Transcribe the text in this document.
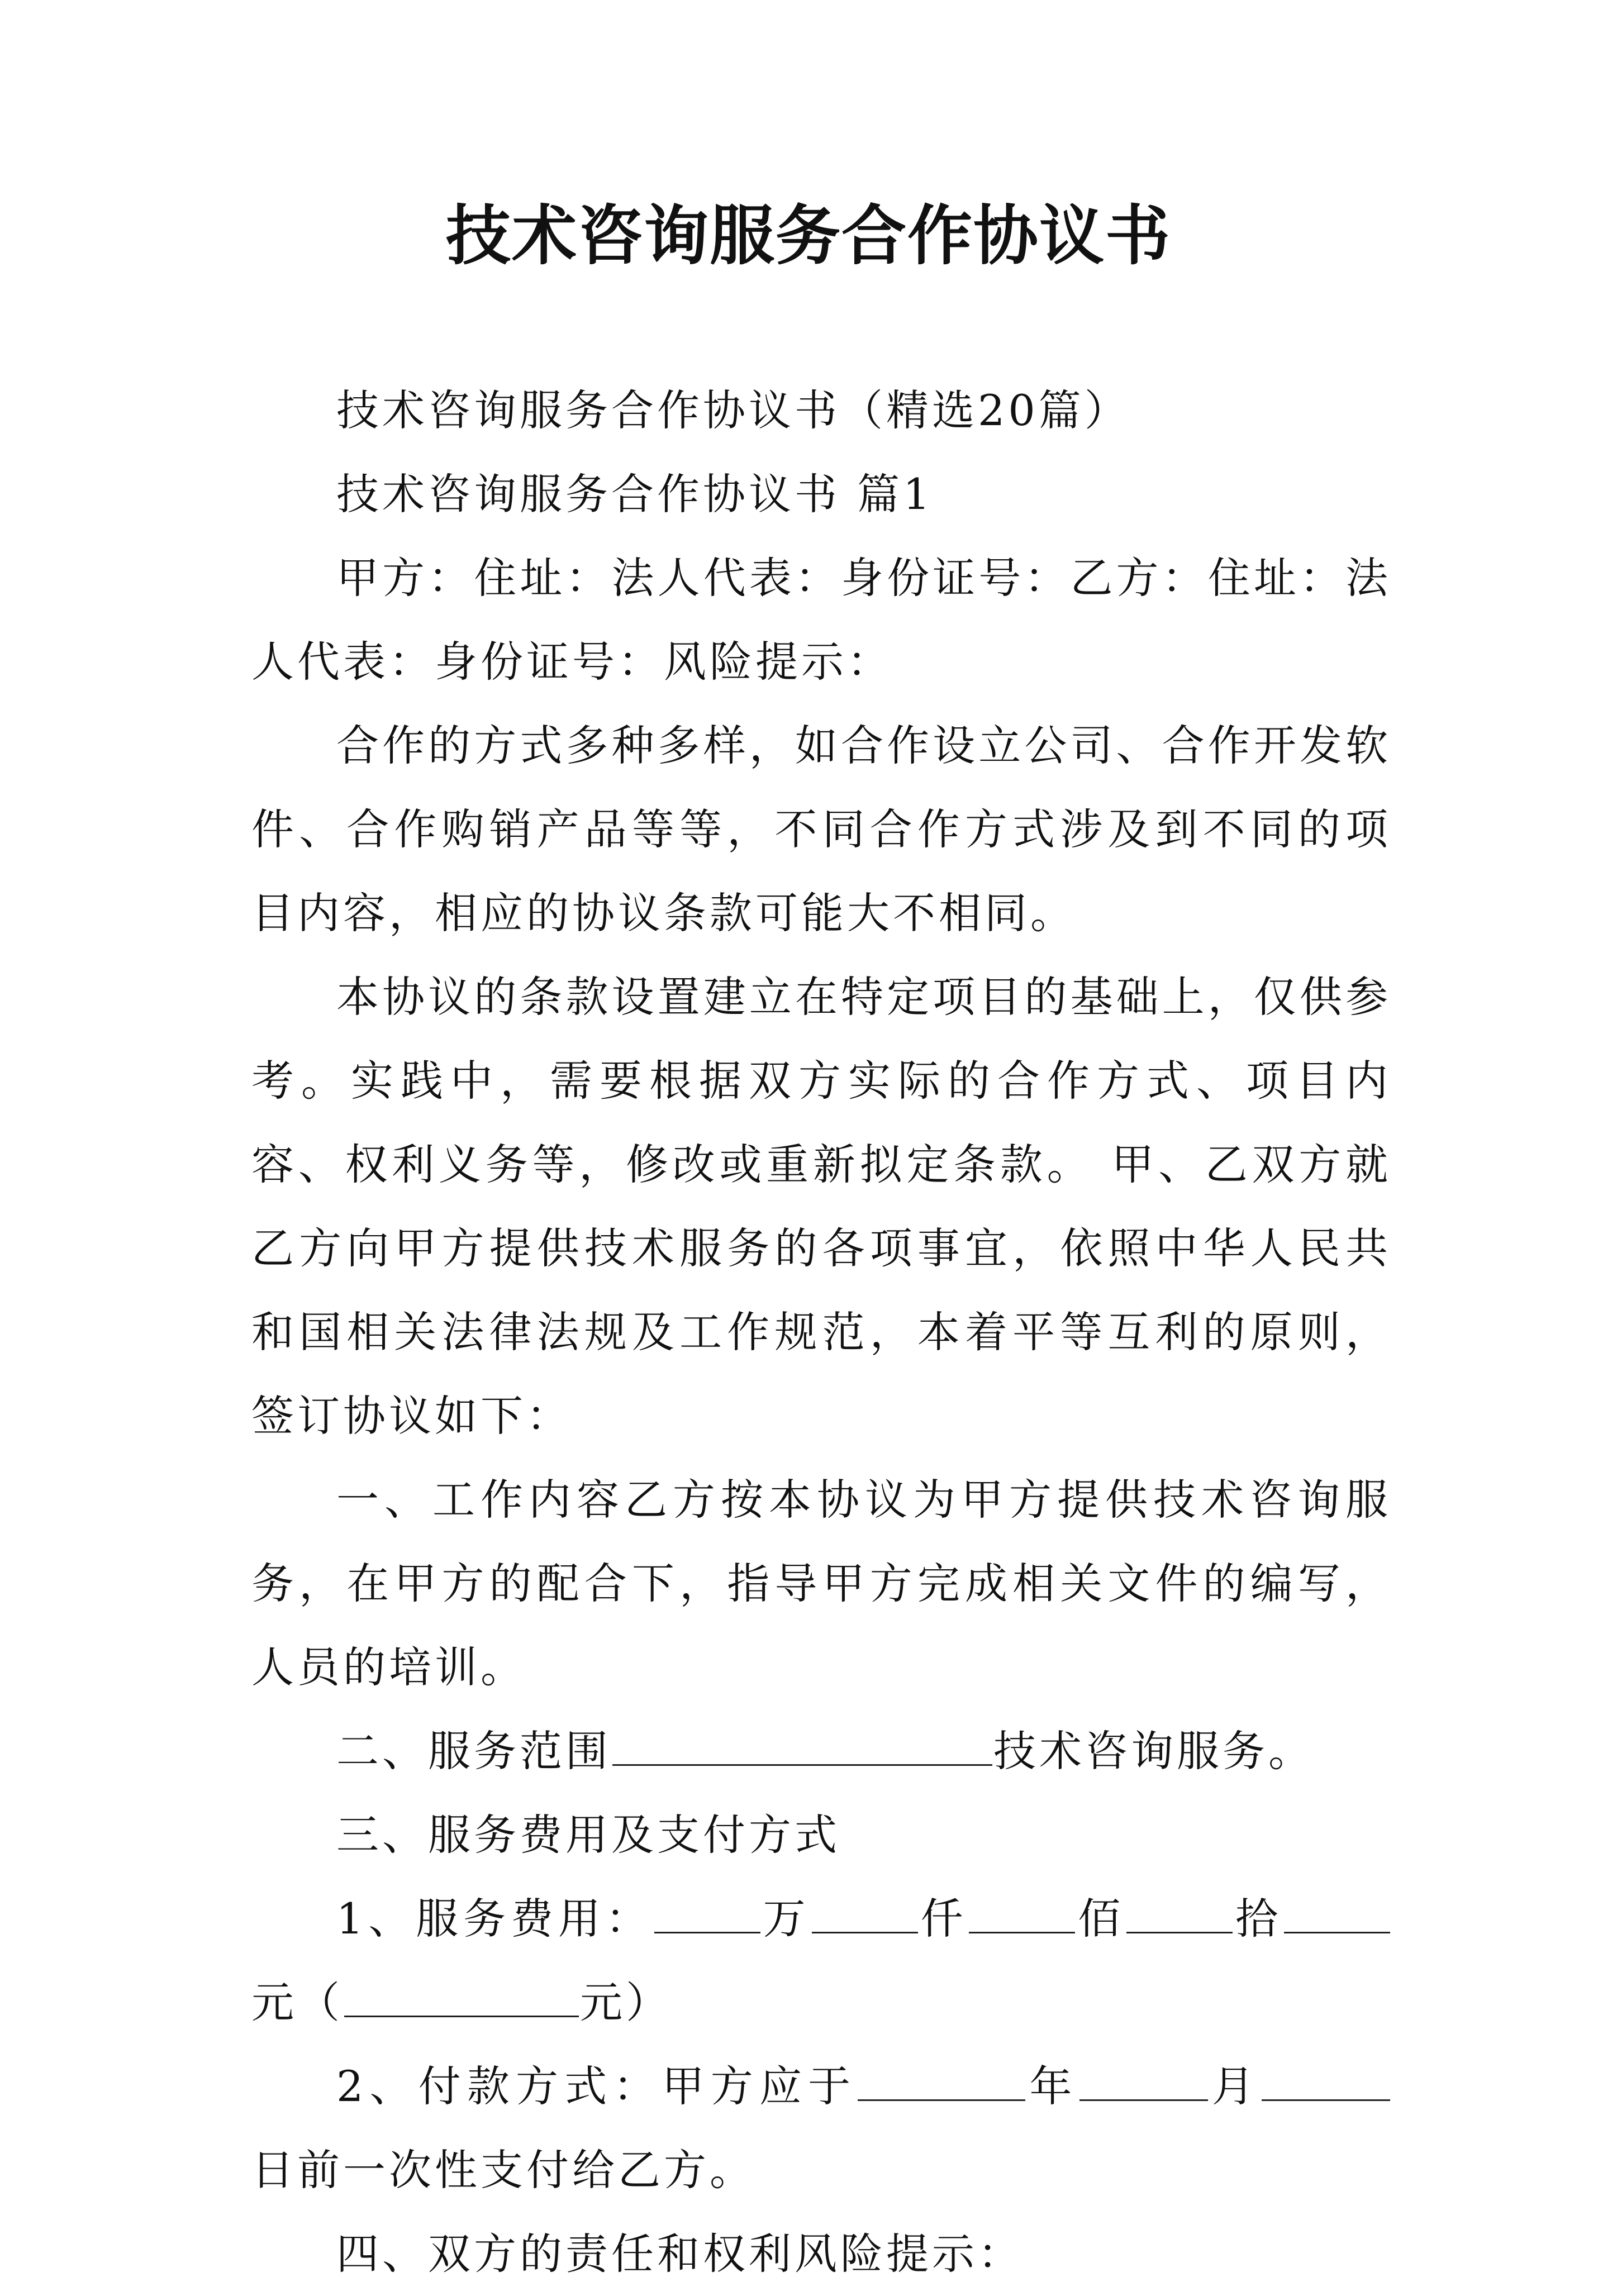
技术咨询服务合作协议书

技术咨询服务合作协议书（精选20篇）

技术咨询服务合作协议书 篇1

甲方：住址：法人代表：身份证号：乙方：住址：法人代表：身份证号：风险提示：

合作的方式多种多样，如合作设立公司、合作开发软件、合作购销产品等等，不同合作方式涉及到不同的项目内容，相应的协议条款可能大不相同。

本协议的条款设置建立在特定项目的基础上，仅供参考。实践中，需要根据双方实际的合作方式、项目内容、权利义务等，修改或重新拟定条款。 甲、乙双方就乙方向甲方提供技术服务的各项事宜，依照中华人民共和国相关法律法规及工作规范，本着平等互利的原则，签订协议如下：

一、工作内容乙方按本协议为甲方提供技术咨询服务，在甲方的配合下，指导甲方完成相关文件的编写，人员的培训。

二、服务范围	技术咨询服务。

三、服务费用及支付方式

1、服务费用：	万	仟	佰	拾元（	元）

2、付款方式：甲方应于	年	月日前一次性支付给乙方。

四、双方的责任和权利风险提示：
